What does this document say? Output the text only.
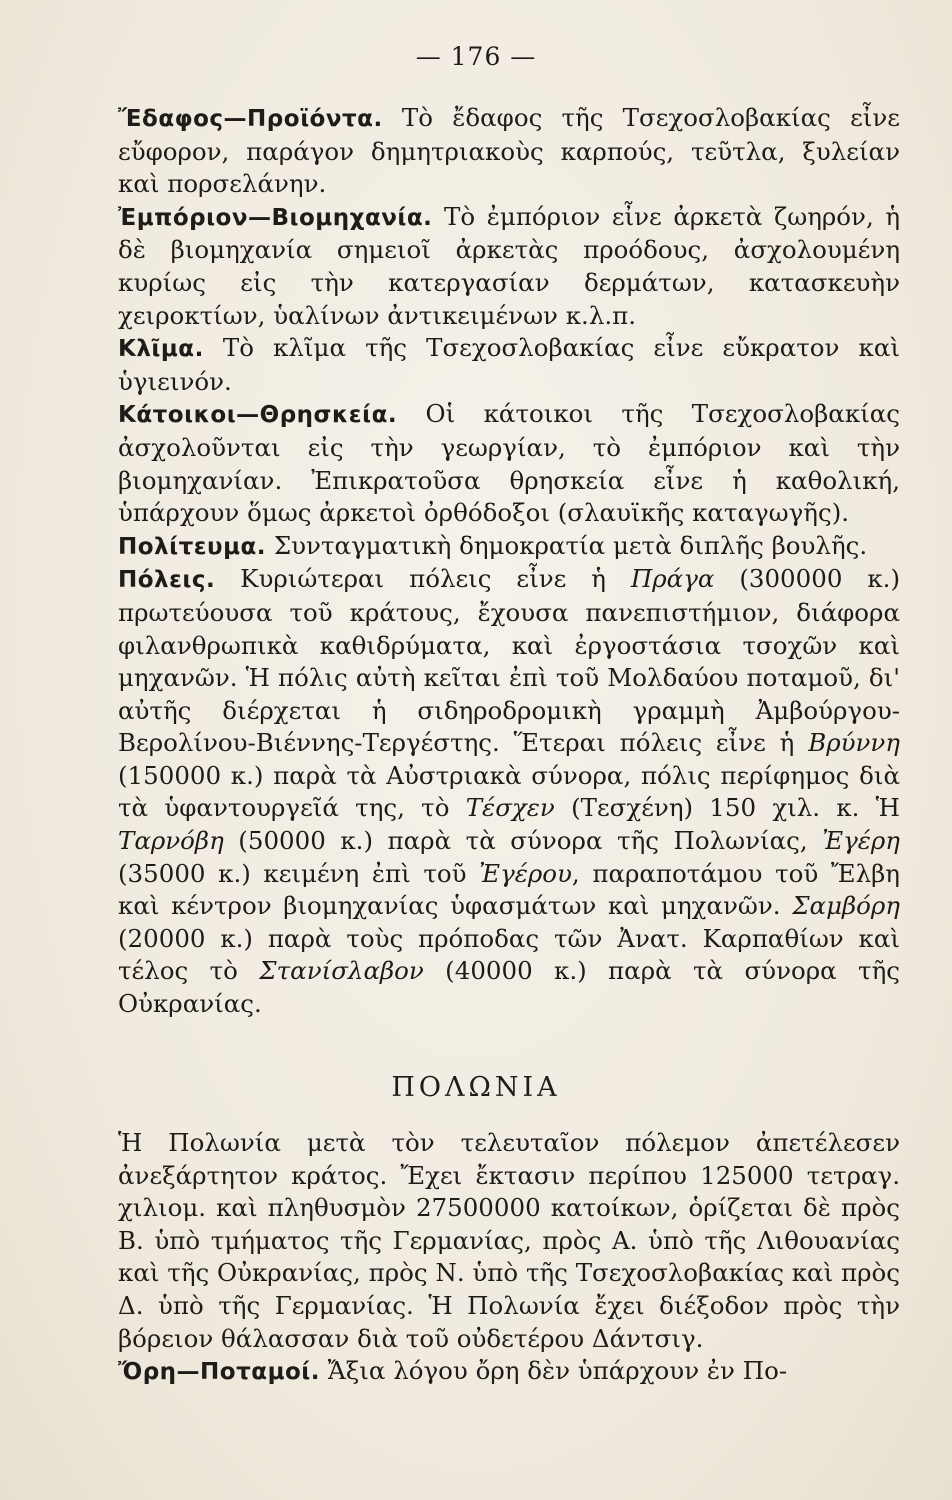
— 176 —

Ἔδαφος—Προϊόντα. Τὸ ἔδαφος τῆς Τσεχοσλοβακίας εἶνε εὔφορον, παράγον δημητριακοὺς καρπούς, τεῦτλα, ξυλείαν καὶ πορσελάνην.

Ἐμπόριον—Βιομηχανία. Τὸ ἐμπόριον εἶνε ἀρκετὰ ζωηρόν, ἡ δὲ βιομηχανία σημειοῖ ἀρκετὰς προόδους, ἀσχολουμένη κυρίως εἰς τὴν κατεργασίαν δερμάτων, κατασκευὴν χειροκτίων, ὑαλίνων ἀντικειμένων κ.λ.π.

Κλῖμα. Τὸ κλῖμα τῆς Τσεχοσλοβακίας εἶνε εὔκρατον καὶ ὑγιεινόν.

Κάτοικοι—Θρησκεία. Οἱ κάτοικοι τῆς Τσεχοσλοβακίας ἀσχολοῦνται εἰς τὴν γεωργίαν, τὸ ἐμπόριον καὶ τὴν βιομηχανίαν. Ἐπικρατοῦσα θρησκεία εἶνε ἡ καθολική, ὑπάρχουν ὅμως ἀρκετοὶ ὀρθόδοξοι (σλαυϊκῆς καταγωγῆς).

Πολίτευμα. Συνταγματικὴ δημοκρατία μετὰ διπλῆς βουλῆς.

Πόλεις. Κυριώτεραι πόλεις εἶνε ἡ Πράγα (300000 κ.) πρωτεύουσα τοῦ κράτους, ἔχουσα πανεπιστήμιον, διάφορα φιλανθρωπικὰ καθιδρύματα, καὶ ἐργοστάσια τσοχῶν καὶ μηχανῶν. Ἡ πόλις αὐτὴ κεῖται ἐπὶ τοῦ Μολδαύου ποταμοῦ, δι' αὐτῆς διέρχεται ἡ σιδηροδρομικὴ γραμμὴ Ἀμβούργου-Βερολίνου-Βιέννης-Τεργέστης. Ἕτεραι πόλεις εἶνε ἡ Βρύννη (150000 κ.) παρὰ τὰ Αὐστριακὰ σύνορα, πόλις περίφημος διὰ τὰ ὑφαντουργεῖά της, τὸ Τέσχεν (Τεσχένη) 150 χιλ. κ. Ἡ Ταρνόβη (50000 κ.) παρὰ τὰ σύνορα τῆς Πολωνίας, Ἐγέρη (35000 κ.) κειμένη ἐπὶ τοῦ Ἐγέρου, παραποτάμου τοῦ Ἔλβη καὶ κέντρον βιομηχανίας ὑφασμάτων καὶ μηχανῶν. Σαμβόρη (20000 κ.) παρὰ τοὺς πρόποδας τῶν Ἀνατ. Καρπαθίων καὶ τέλος τὸ Στανίσλαβον (40000 κ.) παρὰ τὰ σύνορα τῆς Οὐκρανίας.

ΠΟΛΩΝΙΑ

Ἡ Πολωνία μετὰ τὸν τελευταῖον πόλεμον ἀπετέλεσεν ἀνεξάρτητον κράτος. Ἔχει ἔκτασιν περίπου 125000 τετραγ. χιλιομ. καὶ πληθυσμὸν 27500000 κατοίκων, ὁρίζεται δὲ πρὸς Β. ὑπὸ τμήματος τῆς Γερμανίας, πρὸς Α. ὑπὸ τῆς Λιθουανίας καὶ τῆς Οὐκρανίας, πρὸς Ν. ὑπὸ τῆς Τσεχοσλοβακίας καὶ πρὸς Δ. ὑπὸ τῆς Γερμανίας. Ἡ Πολωνία ἔχει διέξοδον πρὸς τὴν βόρειον θάλασσαν διὰ τοῦ οὐδετέρου Δάντσιγ.

Ὄρη—Ποταμοί. Ἄξια λόγου ὄρη δὲν ὑπάρχουν ἐν Πο-
